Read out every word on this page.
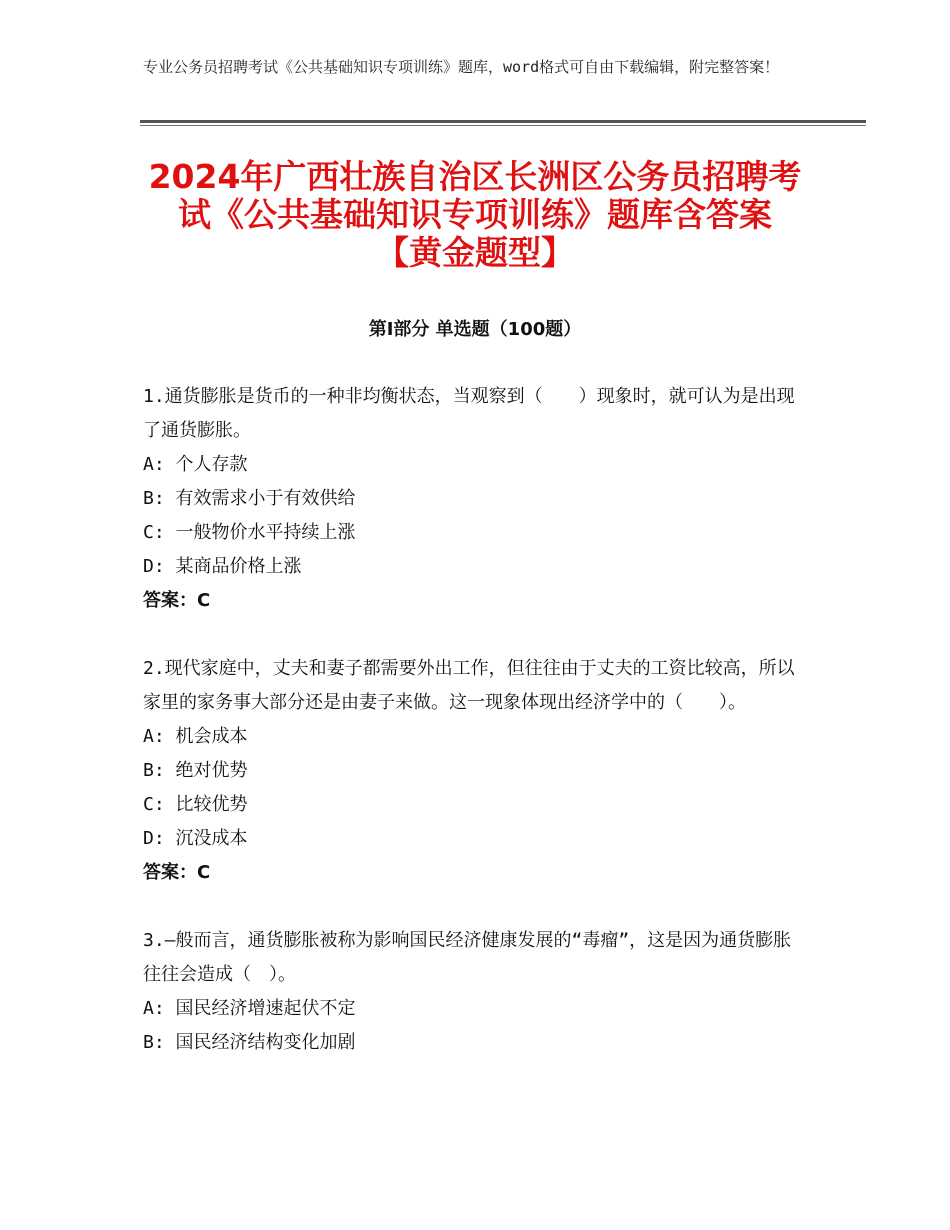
专业公务员招聘考试《公共基础知识专项训练》题库，word格式可自由下载编辑，附完整答案！
2024年广西壮族自治区长洲区公务员招聘考
试《公共基础知识专项训练》题库含答案
【黄金题型】
第Ⅰ部分 单选题（100题）
1.通货膨胀是货币的一种非均衡状态，当观察到（　　）现象时，就可认为是出现了通货膨胀。
A: 个人存款
B: 有效需求小于有效供给
C: 一般物价水平持续上涨
D: 某商品价格上涨
答案：C
2.现代家庭中，丈夫和妻子都需要外出工作，但往往由于丈夫的工资比较高，所以家里的家务事大部分还是由妻子来做。这一现象体现出经济学中的（　　）。
A: 机会成本
B: 绝对优势
C: 比较优势
D: 沉没成本
答案：C
3.—般而言，通货膨胀被称为影响国民经济健康发展的“毒瘤”，这是因为通货膨胀往往会造成（　）。
A: 国民经济增速起伏不定
B: 国民经济结构变化加剧
